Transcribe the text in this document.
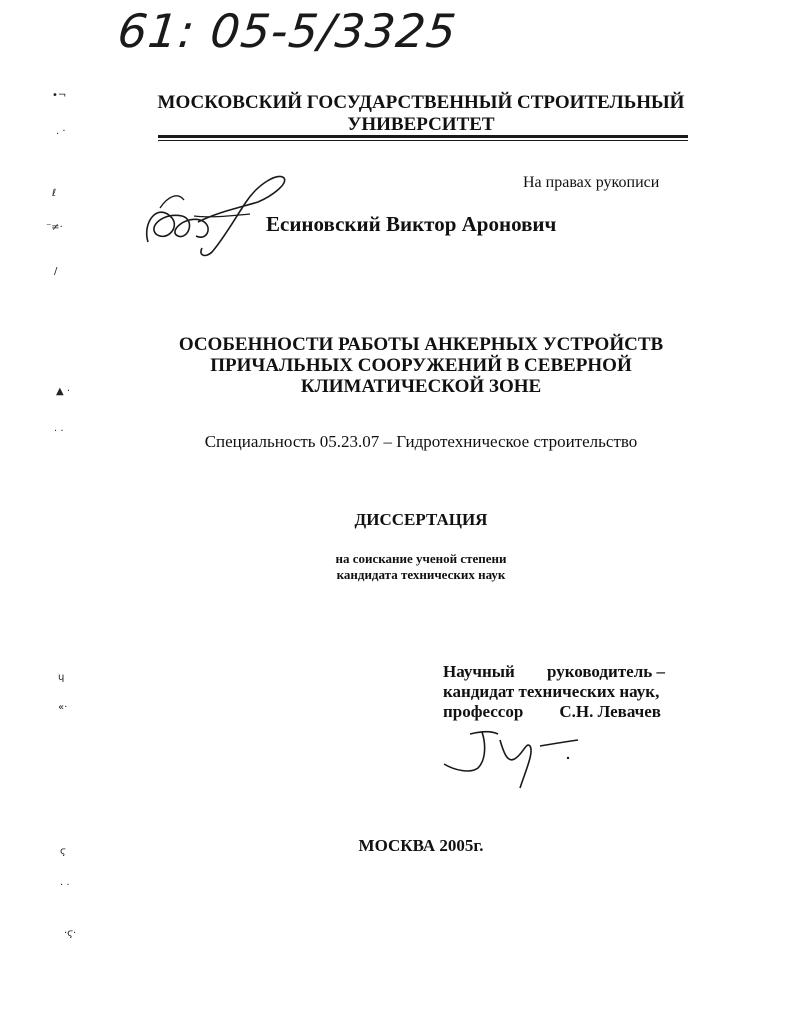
61: 05-5/3325
•¬
. ·
ℓ
⁻≠·
/
▲ ·
· ·
ɥ
«·
ϛ
· ·
·ϛ·
МОСКОВСКИЙ ГОСУДАРСТВЕННЫЙ СТРОИТЕЛЬНЫЙ
УНИВЕРСИТЕТ
На правах рукописи
Есиновский Виктор Аронович
ОСОБЕННОСТИ РАБОТЫ АНКЕРНЫХ УСТРОЙСТВ
ПРИЧАЛЬНЫХ СООРУЖЕНИЙ В СЕВЕРНОЙ
КЛИМАТИЧЕСКОЙ ЗОНЕ
Специальность 05.23.07 – Гидротехническое строительство
ДИССЕРТАЦИЯ
на соискание ученой степени
кандидата технических наук
Научный руководитель –
кандидат технических наук,
профессор С.Н. Левачев
МОСКВА 2005г.
